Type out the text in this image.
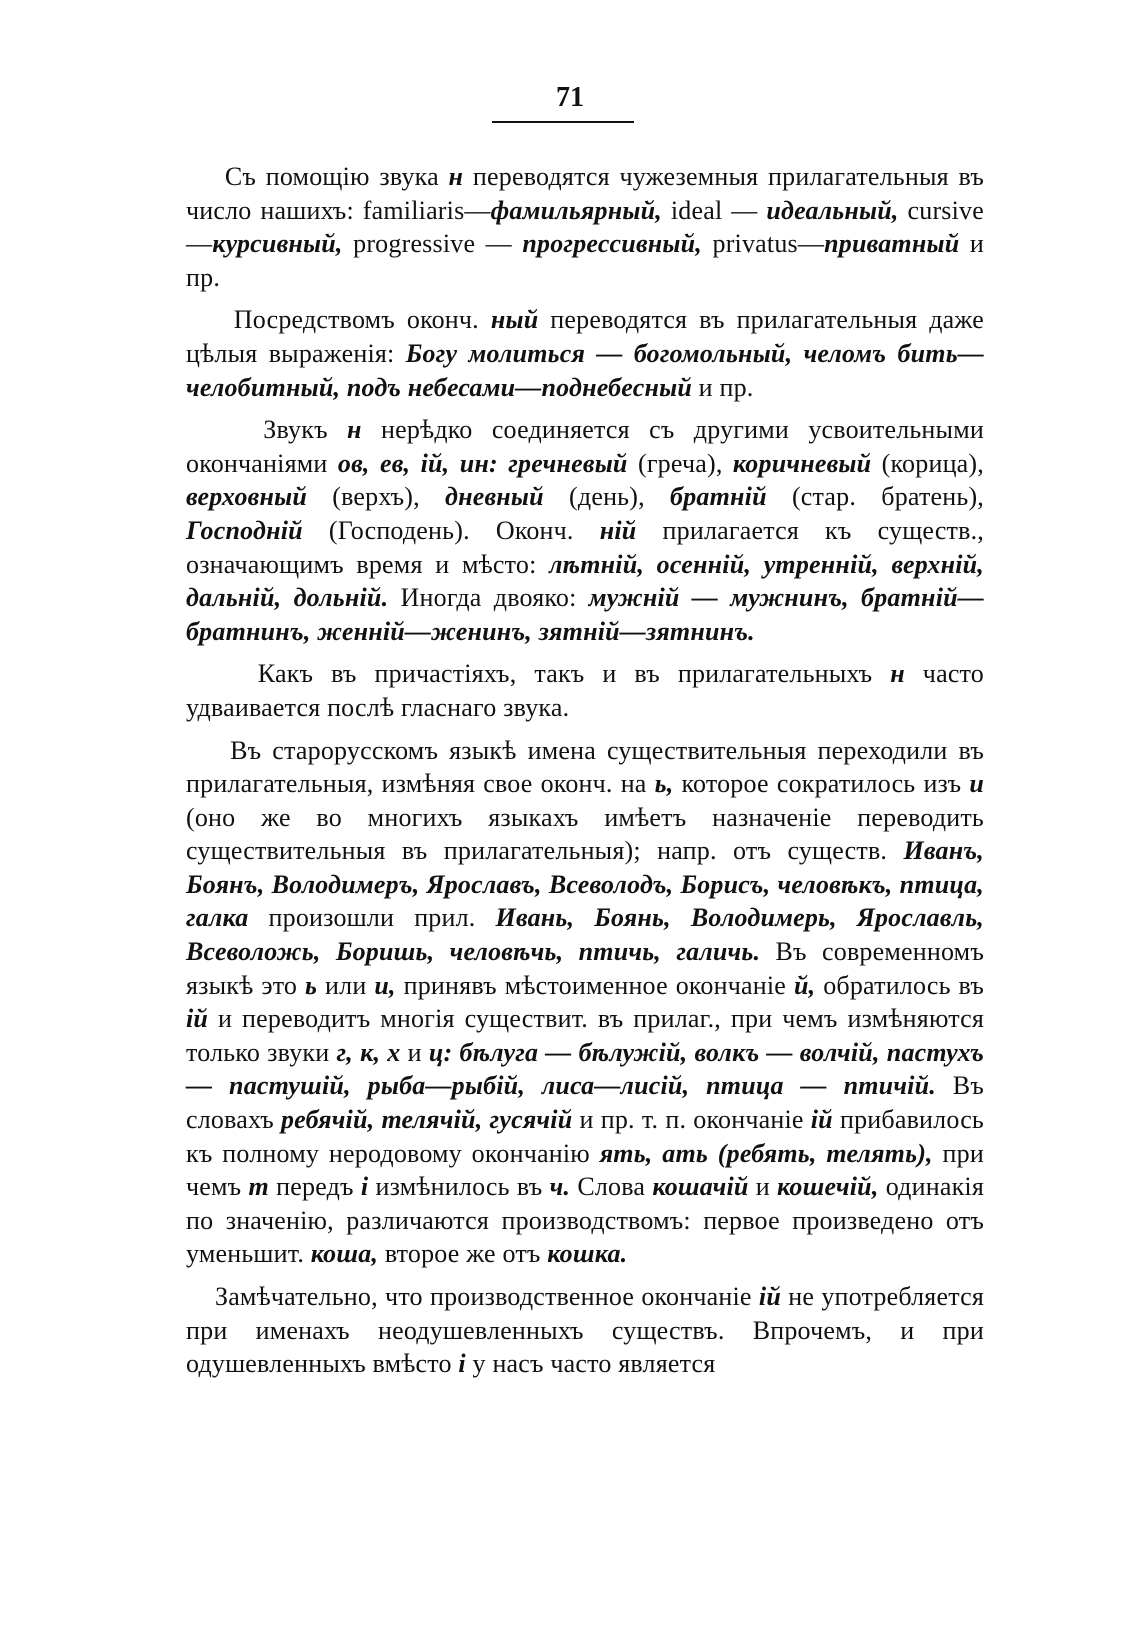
71

Съ помощію звука н переводятся чужеземныя прилагательныя въ число нашихъ: familiaris—фамильярный, ideal — идеальный, cursive—курсивный, progressive — прогрессивный, privatus—приватный и пр.

Посредствомъ оконч. ный переводятся въ прилагательныя даже цѣлыя выраженія: Богу молиться — богомольный, челомъ бить—челобитный, подъ небесами—поднебесный и пр.

Звукъ н нерѣдко соединяется съ другими усвоительными окончаніями ов, ев, ій, ин: гречневый (греча), коричневый (корица), верховный (верхъ), дневный (день), братній (стар. братень), Господній (Господень). Оконч. ній прилагается къ существ., означающимъ время и мѣсто: лѣтній, осенній, утренній, верхній, дальній, дольній. Иногда двояко: мужній — мужнинъ, братній—братнинъ, женній—женинъ, зятній—зятнинъ.

Какъ въ причастіяхъ, такъ и въ прилагательныхъ н часто удваивается послѣ гласнаго звука.

Въ старорусскомъ языкѣ имена существительныя переходили въ прилагательныя, измѣняя свое оконч. на ь, которое сократилось изъ и (оно же во многихъ языкахъ имѣетъ назначеніе переводить существительныя въ прилагательныя); напр. отъ существ. Иванъ, Боянъ, Володимеръ, Ярославъ, Всеволодъ, Борисъ, человѣкъ, птица, галка произошли прил. Ивань, Боянь, Володимерь, Ярославль, Всеволожь, Боришь, человѣчь, птичь, галичь. Въ современномъ языкѣ это ь или и, принявъ мѣстоименное окончаніе й, обратилось въ ій и переводитъ многія существит. въ прилаг., при чемъ измѣняются только звуки г, к, х и ц: бѣлуга — бѣлужій, волкъ — волчій, пастухъ— пастушій, рыба—рыбій, лиса—лисій, птица — птичій. Въ словахъ ребячій, телячій, гусячій и пр. т. п. окончаніе ій прибавилось къ полному неродовому окончанію ять, ать (ребять, телять), при чемъ т передъ і измѣнилось въ ч. Слова кошачій и кошечій, одинакія по значенію, различаются производствомъ: первое произведено отъ уменьшит. коша, второе же отъ кошка.

Замѣчательно, что производственное окончаніе ій не употребляется при именахъ неодушевленныхъ существъ. Впрочемъ, и при одушевленныхъ вмѣсто і у насъ часто является
